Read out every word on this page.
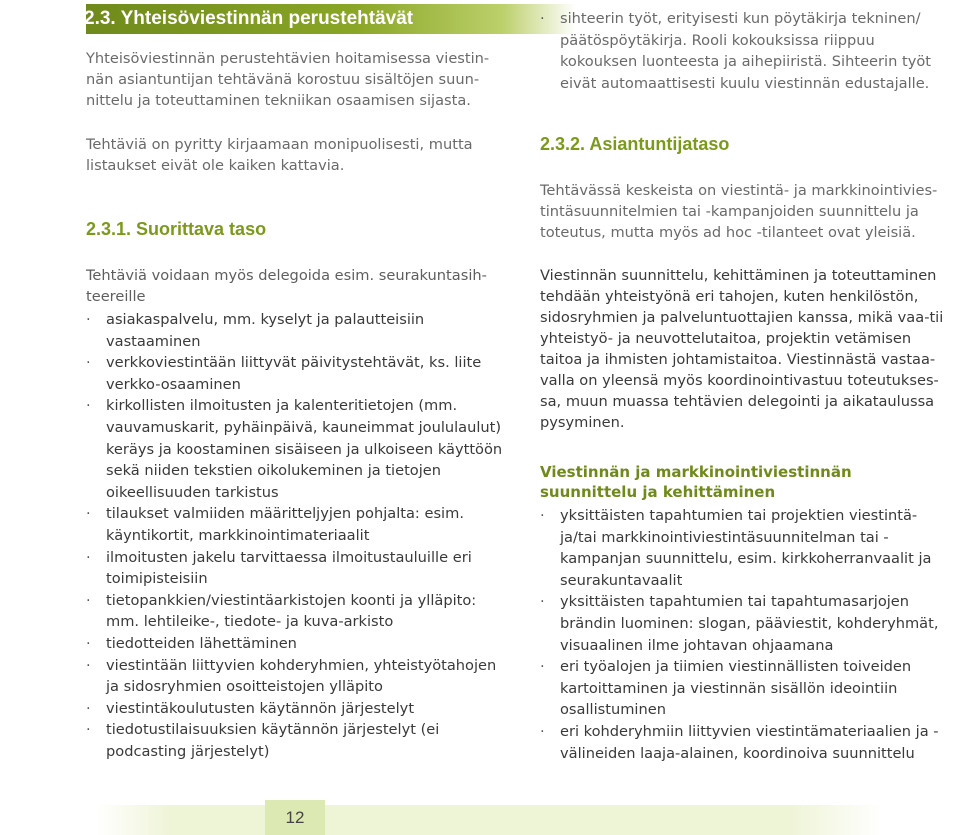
2.3. Yhteisöviestinnän perustehtävät

Yhteisöviestinnän perustehtävien hoitamisessa viestin-nän asiantuntijan tehtävänä korostuu sisältöjen suun-nittelu ja toteuttaminen tekniikan osaamisen sijasta.

Tehtäviä on pyritty kirjaamaan monipuolisesti, mutta listaukset eivät ole kaiken kattavia.

2.3.1. Suorittava taso

Tehtäviä voidaan myös delegoida esim. seurakuntasih-teereille

· asiakaspalvelu, mm. kyselyt ja palautteisiin vastaaminen
· verkkoviestintään liittyvät päivitystehtävät, ks. liite verkko-osaaminen
· kirkollisten ilmoitusten ja kalenteritietojen (mm. vauvamuskarit, pyhäinpäivä, kauneimmat joululaulut) keräys ja koostaminen sisäiseen ja ulkoiseen käyttöön sekä niiden tekstien oikolukeminen ja tietojen oikeellisuuden tarkistus
· tilaukset valmiiden määritteljyjen pohjalta: esim. käyntikortit, markkinointimateriaalit
· ilmoitusten jakelu tarvittaessa ilmoitustauluille eri toimipisteisiin
· tietopankkien/viestintäarkistojen koonti ja ylläpito: mm. lehtileike-, tiedote- ja kuva-arkisto
· tiedotteiden lähettäminen
· viestintään liittyvien kohderyhmien, yhteistyötahojen ja sidosryhmien osoitteistojen ylläpito
· viestintäkoulutusten käytännön järjestelyt
· tiedotustilaisuuksien käytännön järjestelyt (ei podcasting järjestelyt)
· sihteerin työt, erityisesti kun pöytäkirja tekninen/ päätöspöytäkirja. Rooli kokouksissa riippuu kokouksen luonteesta ja aihepiiristä. Sihteerin työt eivät automaattisesti kuulu viestinnän edustajalle.
2.3.2. Asiantuntijataso

Tehtävässä keskeista on viestintä- ja markkinointivies-tintäsuunnitelmien tai -kampanjoiden suunnittelu ja toteutus, mutta myös ad hoc -tilanteet ovat yleisiä.

Viestinnän suunnittelu, kehittäminen ja toteuttaminen tehdään yhteistyönä eri tahojen, kuten henkilöstön, sidosryhmien ja palveluntuottajien kanssa, mikä vaa-tii yhteistyö- ja neuvottelutaitoa, projektin vetämisen taitoa ja ihmisten johtamistaitoa. Viestinnästä vastaa-valla on yleensä myös koordinointivastuu toteutukses-sa, muun muassa tehtävien delegointi ja aikataulussa pysyminen.

Viestinnän ja markkinointiviestinnän suunnittelu ja kehittäminen
· yksittäisten tapahtumien tai projektien viestintä-ja/tai markkinointiviestintäsuunnitelman tai -kampanjan suunnittelu, esim. kirkkoherranvaalit ja seurakuntavaalit
· yksittäisten tapahtumien tai tapahtumasarjojen brändin luominen: slogan, pääviestit, kohderyhmät, visuaalinen ilme johtavan ohjaamana
· eri työalojen ja tiimien viestinnällisten toiveiden kartoittaminen ja viestinnän sisällön ideointiin osallistuminen
· eri kohderyhmiin liittyvien viestintämateriaalien ja -välineiden laaja-alainen, koordinoiva suunnittelu
12
